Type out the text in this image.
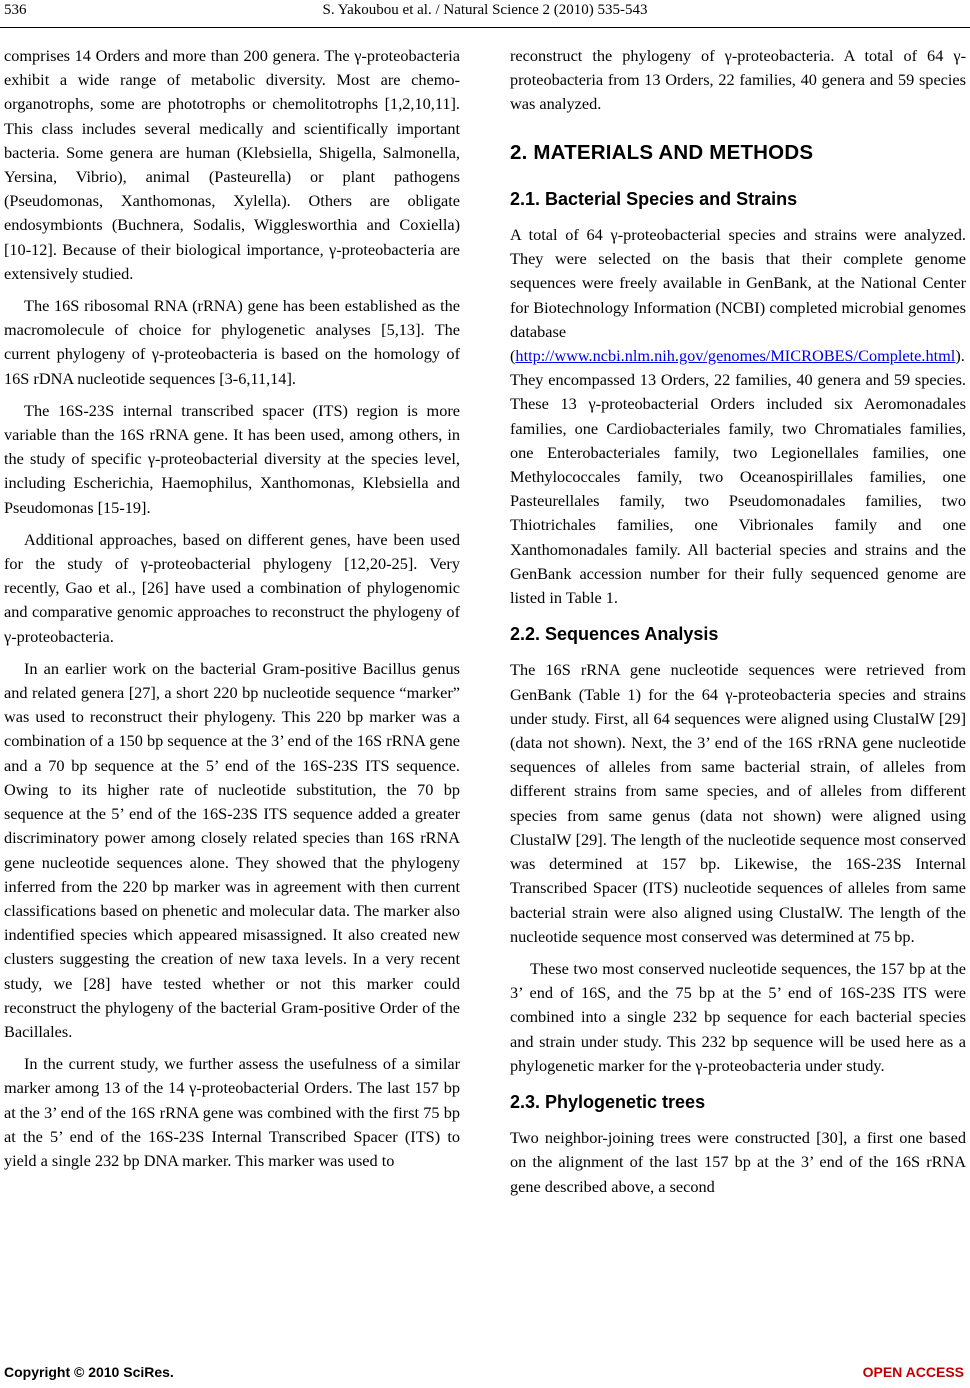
536	S. Yakoubou et al. / Natural Science 2 (2010) 535-543

comprises 14 Orders and more than 200 genera. The γ-proteobacteria exhibit a wide range of metabolic diversity. Most are chemo-organotrophs, some are phototrophs or chemolitotrophs [1,2,10,11]. This class includes several medically and scientifically important bacteria. Some genera are human (Klebsiella, Shigella, Salmonella, Yersina, Vibrio), animal (Pasteurella) or plant pathogens (Pseudomonas, Xanthomonas, Xylella). Others are obligate endosymbionts (Buchnera, Sodalis, Wigglesworthia and Coxiella) [10-12]. Because of their biological importance, γ-proteobacteria are extensively studied.

The 16S ribosomal RNA (rRNA) gene has been established as the macromolecule of choice for phylogenetic analyses [5,13]. The current phylogeny of γ-proteobacteria is based on the homology of 16S rDNA nucleotide sequences [3-6,11,14].

The 16S-23S internal transcribed spacer (ITS) region is more variable than the 16S rRNA gene. It has been used, among others, in the study of specific γ-proteobacterial diversity at the species level, including Escherichia, Haemophilus, Xanthomonas, Klebsiella and Pseudomonas [15-19].

Additional approaches, based on different genes, have been used for the study of γ-proteobacterial phylogeny [12,20-25]. Very recently, Gao et al., [26] have used a combination of phylogenomic and comparative genomic approaches to reconstruct the phylogeny of γ-proteobacteria.

In an earlier work on the bacterial Gram-positive Bacillus genus and related genera [27], a short 220 bp nucleotide sequence “marker” was used to reconstruct their phylogeny. This 220 bp marker was a combination of a 150 bp sequence at the 3’ end of the 16S rRNA gene and a 70 bp sequence at the 5’ end of the 16S-23S ITS sequence. Owing to its higher rate of nucleotide substitution, the 70 bp sequence at the 5’ end of the 16S-23S ITS sequence added a greater discriminatory power among closely related species than 16S rRNA gene nucleotide sequences alone. They showed that the phylogeny inferred from the 220 bp marker was in agreement with then current classifications based on phenetic and molecular data. The marker also indentified species which appeared misassigned. It also created new clusters suggesting the creation of new taxa levels. In a very recent study, we [28] have tested whether or not this marker could reconstruct the phylogeny of the bacterial Gram-positive Order of the Bacillales.

In the current study, we further assess the usefulness of a similar marker among 13 of the 14 γ-proteobacterial Orders. The last 157 bp at the 3’ end of the 16S rRNA gene was combined with the first 75 bp at the 5’ end of the 16S-23S Internal Transcribed Spacer (ITS) to yield a single 232 bp DNA marker. This marker was used to

reconstruct the phylogeny of γ-proteobacteria. A total of 64 γ-proteobacteria from 13 Orders, 22 families, 40 genera and 59 species was analyzed.

2. MATERIALS AND METHODS
2.1. Bacterial Species and Strains

A total of 64 γ-proteobacterial species and strains were analyzed. They were selected on the basis that their complete genome sequences were freely available in GenBank, at the National Center for Biotechnology Information (NCBI) completed microbial genomes database (http://www.ncbi.nlm.nih.gov/genomes/MICROBES/Complete.html). They encompassed 13 Orders, 22 families, 40 genera and 59 species. These 13 γ-proteobacterial Orders included six Aeromonadales families, one Cardiobacteriales family, two Chromatiales families, one Enterobacteriales family, two Legionellales families, one Methylococcales family, two Oceanospirillales families, one Pasteurellales family, two Pseudomonadales families, two Thiotrichales families, one Vibrionales family and one Xanthomonadales family. All bacterial species and strains and the GenBank accession number for their fully sequenced genome are listed in Table 1.

2.2. Sequences Analysis

The 16S rRNA gene nucleotide sequences were retrieved from GenBank (Table 1) for the 64 γ-proteobacteria species and strains under study. First, all 64 sequences were aligned using ClustalW [29] (data not shown). Next, the 3’ end of the 16S rRNA gene nucleotide sequences of alleles from same bacterial strain, of alleles from different strains from same species, and of alleles from different species from same genus (data not shown) were aligned using ClustalW [29]. The length of the nucleotide sequence most conserved was determined at 157 bp. Likewise, the 16S-23S Internal Transcribed Spacer (ITS) nucleotide sequences of alleles from same bacterial strain were also aligned using ClustalW. The length of the nucleotide sequence most conserved was determined at 75 bp.

These two most conserved nucleotide sequences, the 157 bp at the 3’ end of 16S, and the 75 bp at the 5’ end of 16S-23S ITS were combined into a single 232 bp sequence for each bacterial species and strain under study. This 232 bp sequence will be used here as a phylogenetic marker for the γ-proteobacteria under study.

2.3. Phylogenetic trees

Two neighbor-joining trees were constructed [30], a first one based on the alignment of the last 157 bp at the 3’ end of the 16S rRNA gene described above, a second

Copyright © 2010 SciRes.	OPEN ACCESS
